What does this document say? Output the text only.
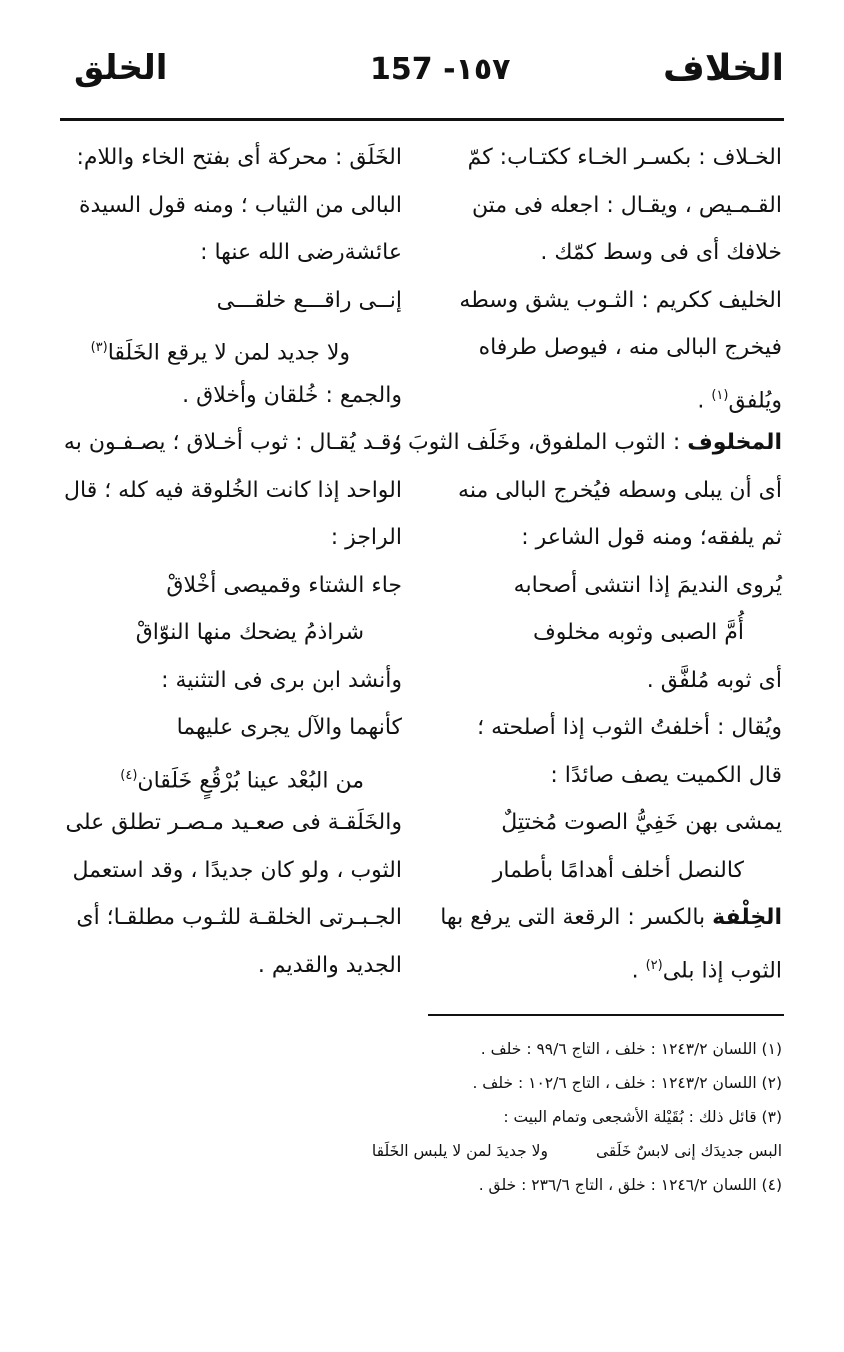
الخلاف
157 -١٥٧
الخلق
الخـلاف : بكسـر الخـاء ككتـاب: كمّ
القـمـيص ، ويقـال : اجعله فى متن
خلافك أى فى وسط كمّك .
الخليف ككريم : الثـوب يشق وسطه
فيخرج البالى منه ، فيوصل طرفاه
ويُلفق$^{(١)}$ .
المخلوف : الثوب الملفوق، وخَلَف الثوبَ ؛
أى أن يبلى وسطه فيُخرج البالى منه
ثم يلفقه؛ ومنه قول الشاعر :
يُروى النديمَ إذا انتشى أصحابه
أُمَّ الصبى وثوبه مخلوف
أى ثوبه مُلفَّق .
ويُقال : أخلفتُ الثوب إذا أصلحته ؛
قال الكميت يصف صائدًا :
يمشى بهن خَفِيُّ الصوت مُختتِلٌ
كالنصل أخلف أهدامًا بأطمار
الخِلْفة بالكسر : الرقعة التى يرفع بها
الثوب إذا بلى$^{(٢)}$ .
الخَلَق : محركة أى بفتح الخاء واللام:
البالى من الثياب ؛ ومنه قول السيدة
عائشةرضى الله عنها :
إنــى راقـــع خلقـــى
ولا جديد لمن لا يرقع الخَلَقا$^{(٣)}$
والجمع : خُلقان وأخلاق .
وقـد يُقـال : ثوب أخـلاق ؛ يصـفـون به
الواحد إذا كانت الخُلوقة فيه كله ؛ قال
الراجز :
جاء الشتاء وقميصى أخْلاقْ
شراذمُ يضحك منها النوّاقْ
وأنشد ابن برى فى التثنية :
كأنهما والآل يجرى عليهما
من البُعْد عينا بُرْقُعٍ خَلَقان$^{(٤)}$
والخَلَقـة فى صعـيد مـصـر تطلق على
الثوب ، ولو كان جديدًا ، وقد استعمل
الجـبـرتى الخلقـة للثـوب مطلقـا؛ أى
الجديد والقديم .
(١) اللسان ١٢٤٣/٢ : خلف ، التاج ٩٩/٦ : خلف .
(٢) اللسان ١٢٤٣/٢ : خلف ، التاج ١٠٢/٦ : خلف .
(٣) قائل ذلك : بُقَيْلة الأشجعى وتمام البيت :
البس جديدَك إنى لابسٌ خَلَقى
ولا جديدَ لمن لا يلبس الخَلَقا
(٤) اللسان ١٢٤٦/٢ : خلق ، التاج ٢٣٦/٦ : خلق .
